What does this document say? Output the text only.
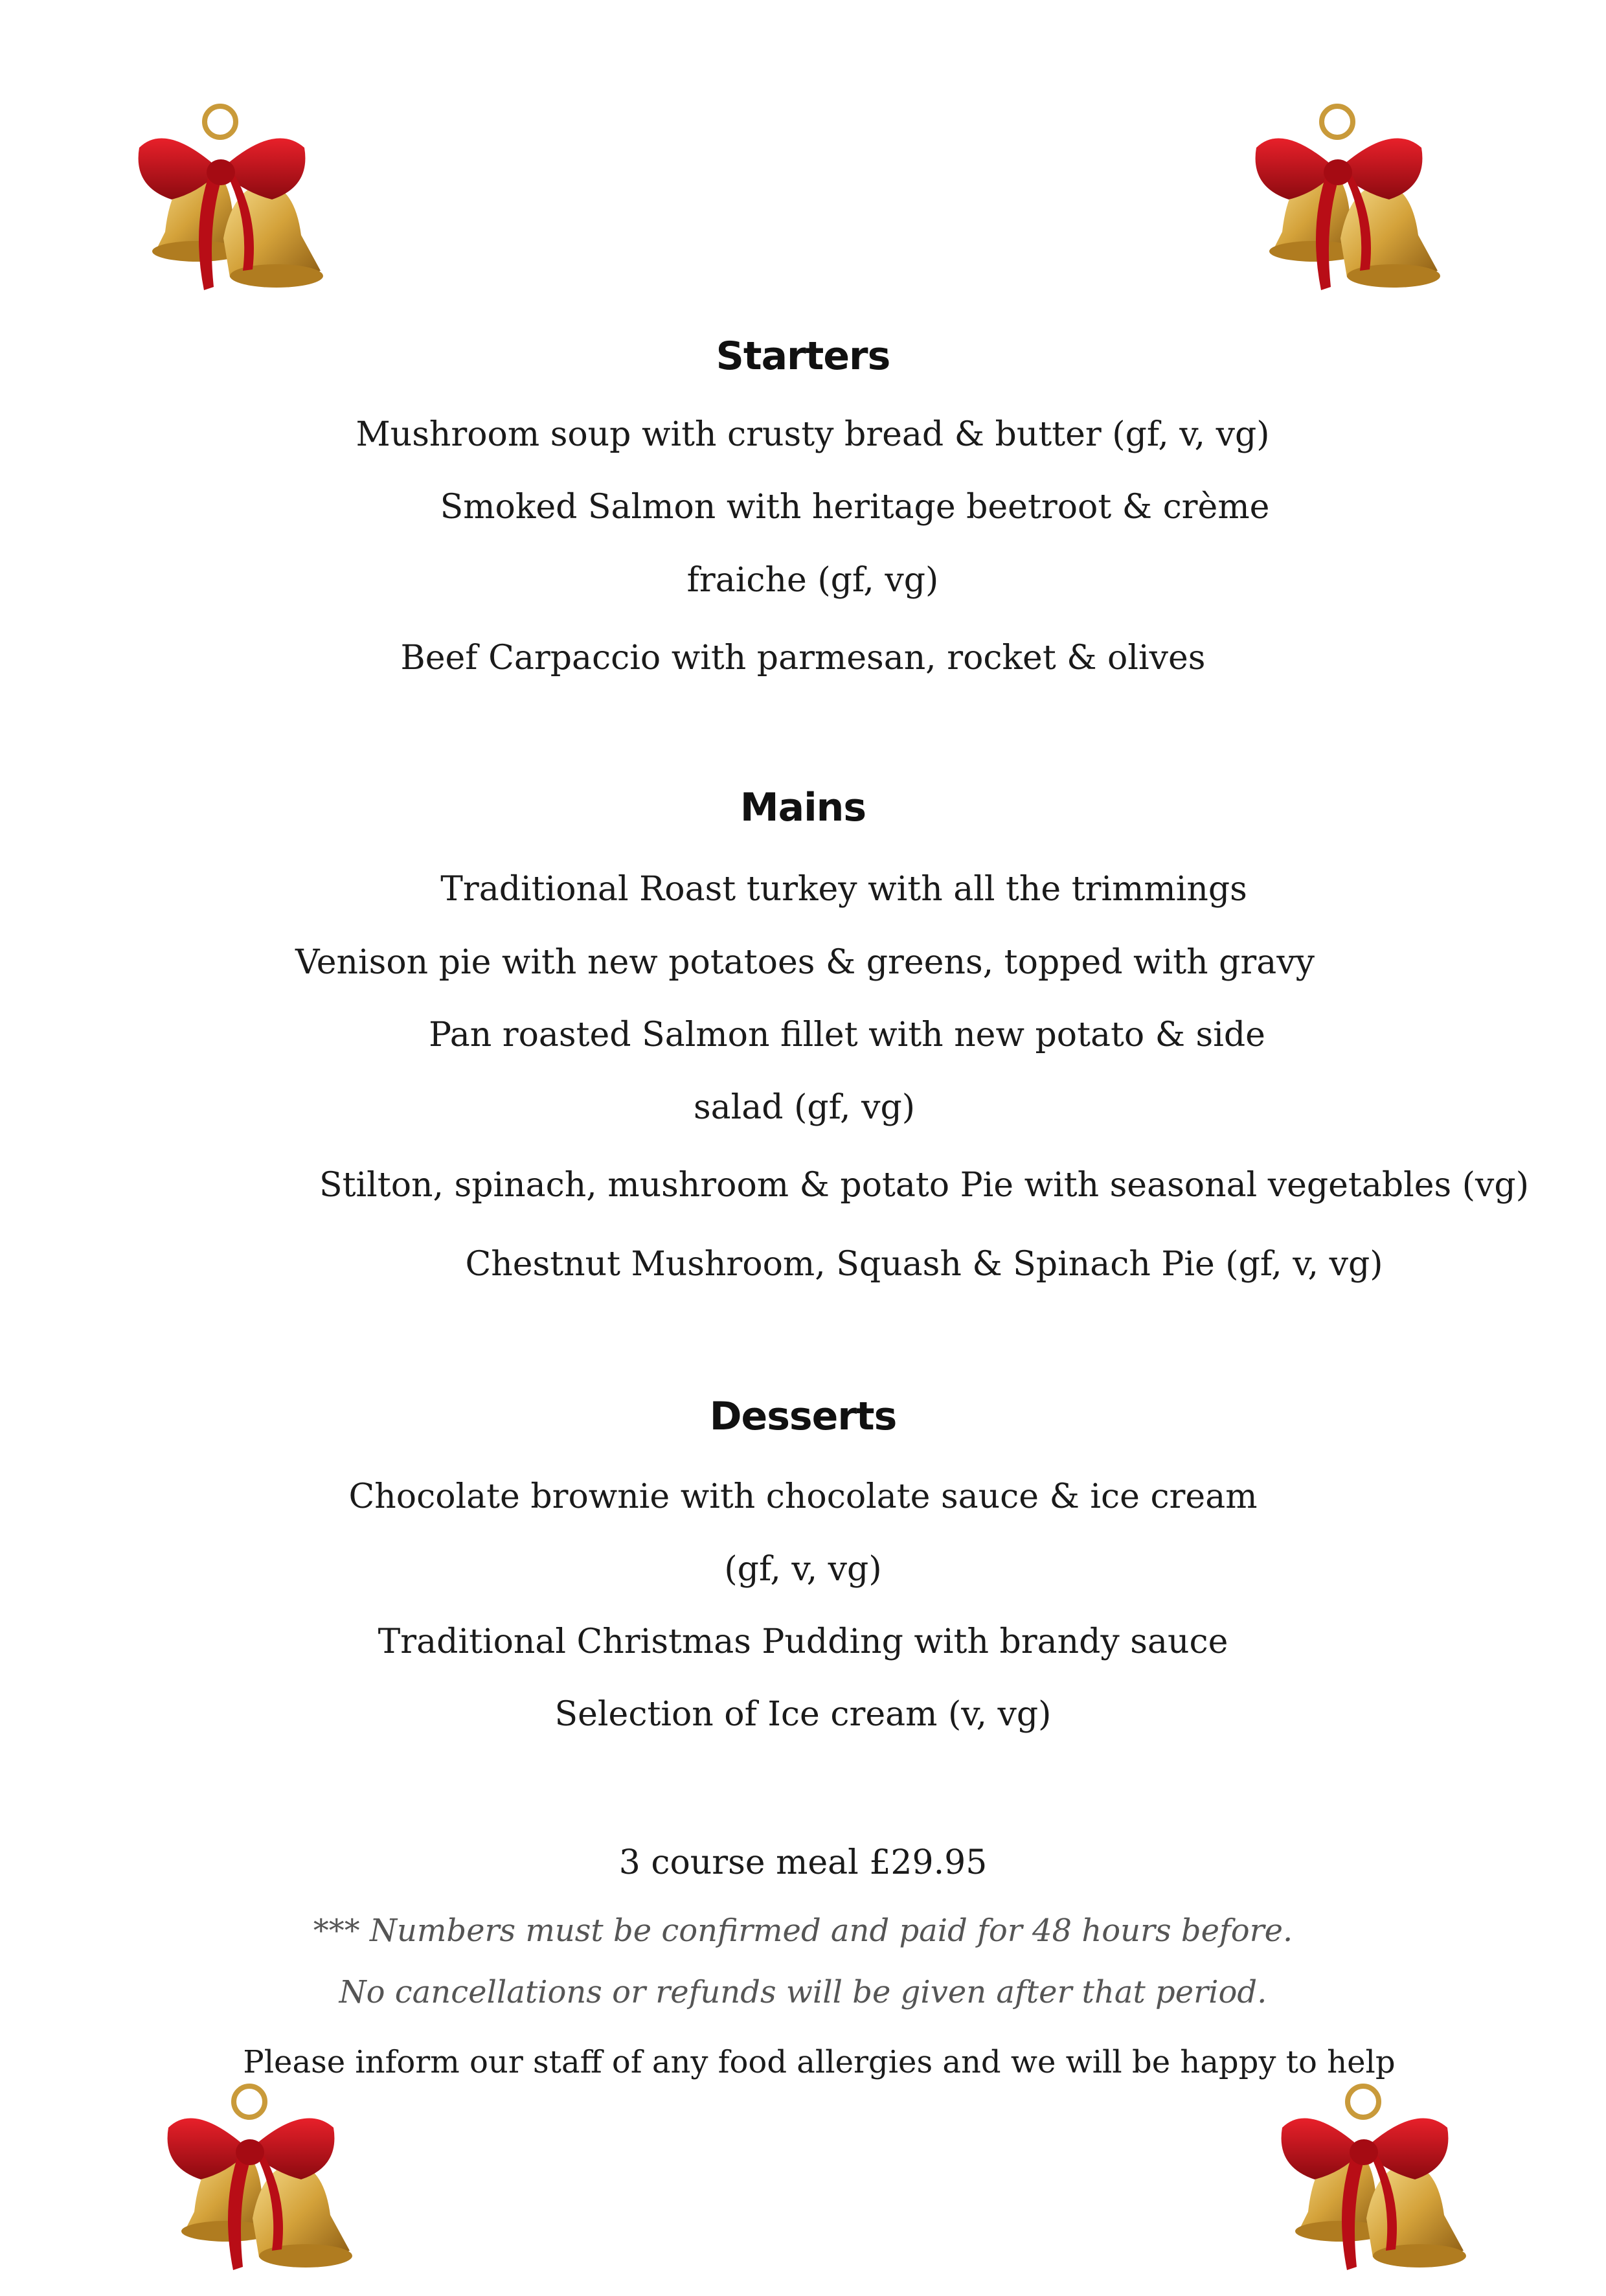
Starters
Mushroom soup with crusty bread & butter (gf, v, vg)
Smoked Salmon with heritage beetroot & crème
fraiche (gf, vg)
Beef Carpaccio with parmesan, rocket & olives
Mains
Traditional Roast turkey with all the trimmings
Venison pie with new potatoes & greens, topped with gravy
Pan roasted Salmon fillet with new potato & side
salad (gf, vg)
Stilton, spinach, mushroom & potato Pie with seasonal vegetables (vg)
Chestnut Mushroom, Squash & Spinach Pie (gf, v, vg)
Desserts
Chocolate brownie with chocolate sauce & ice cream
(gf, v, vg)
Traditional Christmas Pudding with brandy sauce
Selection of Ice cream (v, vg)
3 course meal £29.95
*** Numbers must be confirmed and paid for 48 hours before.
No cancellations or refunds will be given after that period.
Please inform our staff of any food allergies and we will be happy to help
